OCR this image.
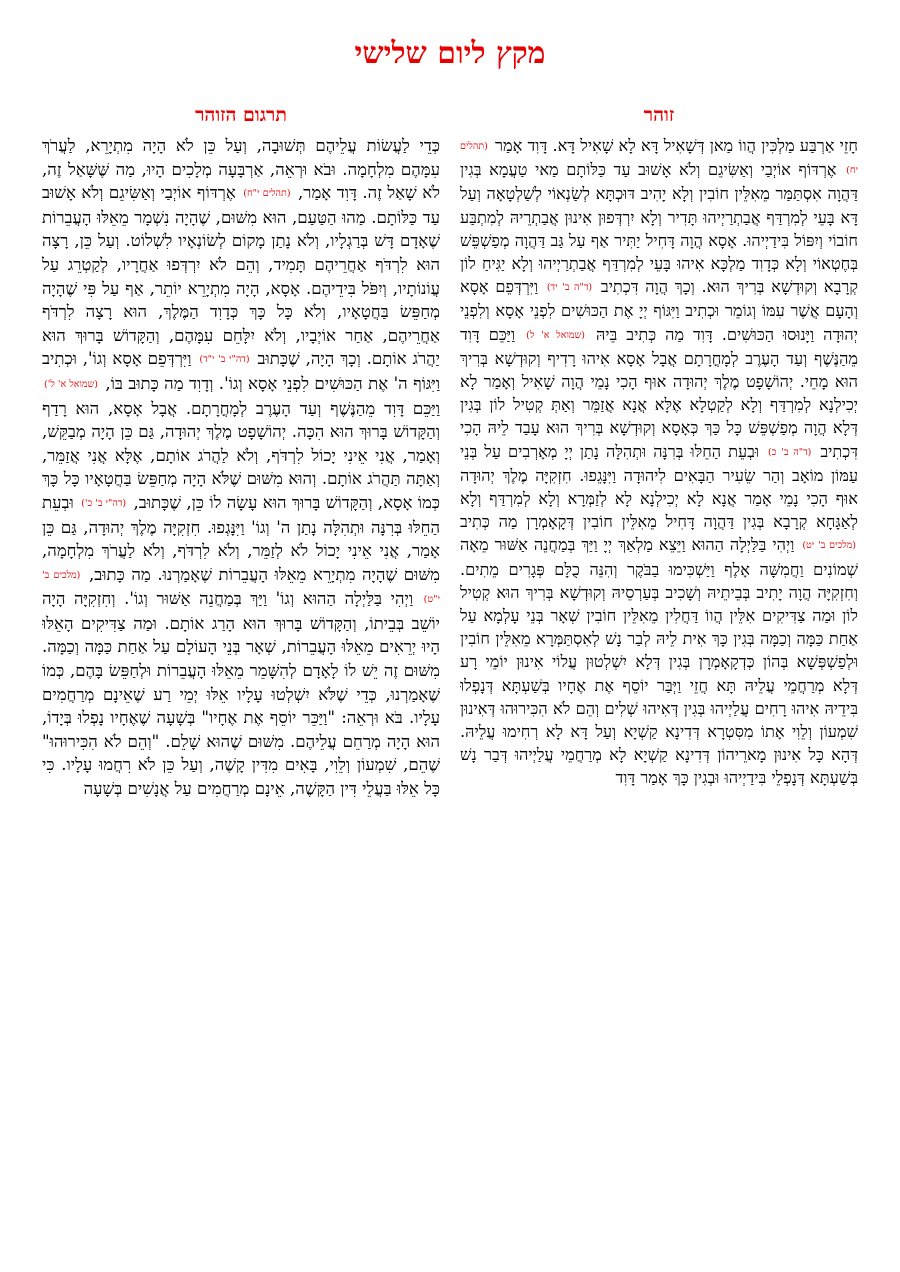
מקץ ליום שלישי
זוהר

חָזֵי אַרְבַּע מַלְכִּין הֲווֹ מַאן דְּשָׁאִיל דָּא לָא שָׁאִיל דָּא. דָּוִד אָמַר (תהלים יח) אֶרְדּוֹף אוֹיְבַי וְאַשִּׂיגֵם וְלֹא אָשׁוּב עַד כַּלּוֹתָם מַאי טַעֲמָא בְּגִין דַּהֲוָה אִסְתַּמַּר מֵאִלֵּין חוֹבִין וְלָא יָהִיב דּוּכְתָּא לְשַׂנְאוֹי לְשַׁלְטָאָה וְעַל דָּא בָּעֵי לְמִרְדַּף אֲבַתְרַיְיהוּ תָּדִיר וְלָא יִרְדְּפוּן אִינוּן אֲבַתְרֵיהּ לְמִתְבַּע חוֹבוֹי וְיִפּוֹל בִּידַיְיהוּ. אָסָא הֲוָה דָּחִיל יַתִּיר אַף עַל גַּב דַּהֲוָה מְפַשְׁפֵּשׁ בְּחֶטְאוֹי וְלָא כְּדָוִד מַלְכָּא אִיהוּ בָּעֵי לְמִרְדַּף אֲבַתְרַיְיהוּ וְלָא יַגִּיחַ לוֹן קְרָבָא וְקוּדְשָׁא בְּרִיךְ הוּא. וְכָךְ הֲוָה דִּכְתִיב (ד"ה ב' יד) וַיִּרְדְּפֵם אָסָא וְהָעָם אֲשֶׁר עִמּוֹ וְגוֹמֵר וּכְתִיב וַיִּגּוֹף יְיָ אֶת הַכּוּשִׁים לִפְנֵי אָסָא וְלִפְנֵי יְהוּדָה וַיָּנוּסוּ הַכּוּשִׁים. דָּוִד מַה כְּתִיב בֵּיהּ (שמואל א' ל) וַיַּכֵּם דָּוִד מֵהַנֶּשֶׁף וְעַד הָעֶרֶב לְמָחֳרָתָם אֲבָל אָסָא אִיהוּ רָדִיף וְקוּדְשָׁא בְּרִיךְ הוּא מָחֵי. יְהוֹשָׁפָט מֶלֶךְ יְהוּדָה אוּף הָכִי נָמֵי הֲוָה שָׁאִיל וְאָמַר לָא יְכִילְנָא לְמִרְדַּף וְלָא לְקַטְלָא אֶלָּא אֲנָא אֲזַמֵּר וְאַתְּ קְטִיל לוֹן בְּגִין דְּלָא הֲוָה מְפַשְׁפֵּשׁ כָּל כַּךְ כְּאָסָא וְקוּדְשָׁא בְּרִיךְ הוּא עָבַד לֵיהּ הָכִי דִּכְתִיב (ד"ה ב' כ) וּבְעֵת הַחֵלּוּ בְּרִנָּה וּתְהִלָּה נָתַן יְיָ מְאָרְבִים עַל בְּנֵי עַמּוֹן מוֹאָב וְהַר שֵׂעִיר הַבָּאִים לִיהוּדָה וַיִּנָּגֵפוּ. חִזְקִיָּה מֶלֶךְ יְהוּדָה אוּף הָכִי נָמֵי אָמַר אֲנָא לָא יְכִילְנָא לָא לְזַמְּרָא וְלָא לְמִרְדַּף וְלָא לְאַגָּחָא קְרָבָא בְּגִין דַּהֲוָה דָּחִיל מֵאִלֵּין חוֹבִין דְּקָאָמְרָן מַה כְּתִיב (מלכים ב' יט) וַיְהִי בַּלַּיְלָה הַהוּא וַיֵּצֵא מַלְאַךְ יְיָ וַיַּךְ בְּמַחֲנֵה אַשּׁוּר מֵאָה שְׁמוֹנִים וַחֲמִשָּׁה אָלֶף וַיַּשְׁכִּימוּ בַבֹּקֶר וְהִנֵּה כֻלָּם פְּגָרִים מֵתִים. וְחִזְקִיָּה הֲוָה יָתִיב בְּבֵיתֵיהּ וְשָׁכִיב בְּעַרְסֵיהּ וְקוּדְשָׁא בְּרִיךְ הוּא קְטִיל לוֹן וּמַה צַדִּיקִים אִלֵּין הֲווֹ דַּחֲלִין מֵאִלֵּין חוֹבִין שְׁאָר בְּנֵי עָלְמָא עַל אַחַת כַּמָּה וְכַמָּה בְּגִין כָּךְ אִית לֵיהּ לְבַר נָשׁ לְאִסְתַּמְּרָא מֵאִלֵּין חוֹבִין וּלְפַשְׁפְּשָׁא בְּהוֹן כְּדְקָאָמְרָן בְּגִין דְּלָא יִשְׁלְטוּן עֲלוֹי אִינוּן יוֹמֵי רָע דְּלָא מְרַחֲמֵי עֲלֵיהּ תָּא חֲזֵי וַיְּבַּר יוֹסֵף אֶת אֶחָיו בְּשַׁעְתָּא דְּנָפְלוּ בִּידֵיהּ אִיהוּ רָחִים עֲלַיְיהוּ בְּגִין דְּאִיהוּ שְׁלִים וְהֵם לֹא הִכִּירוּהוּ דְּאִינוּן שִׁמְעוֹן וְלֵוִי אָתוֹ מִסִּטְרָא דְּדִינָא קַשְׁיָא וְעַל דָּא לָא רְחִימוּ עֲלֵיהּ. דְּהָא כָּל אִינוּן מָארֵיהוֹן דְּדִינָא קַשְׁיָא לָא מְרַחֲמֵי עֲלַיְיהוּ דְּבַר נָשׁ בְּשַׁעְתָּא דְּנָפְלֵי בִּידַיְיהוּ וּבְגִין כָּךְ אָמַר דָּוִד

תרגום הזוהר

כְּדֵי לַעֲשׂוֹת עֲלֵיהֶם תְּשׁוּבָה, וְעַל כֵּן לֹא הָיָה מִתְיָרֵא, לַעֲרֹךְ עִמָּהֶם מִלְחָמָה. וּבֹא וּרְאֵה, אַרְבָּעָה מְלָכִים הָיוּ, מַה שֶּׁשָּׁאַל זֶה, לֹא שָׁאַל זֶה. דָּוִד אָמַר, (תהלים י"ח) אֶרְדּוֹף אוֹיְבַי וְאַשִּׂיגֵם וְלֹא אָשׁוּב עַד כַּלּוֹתָם. מַהוּ הַטַּעַם, הוּא מִשּׁוּם, שֶׁהָיָה נִשְׁמָר מֵאֵלּוּ הָעֲבֵרוֹת שֶׁאָדָם דָּשׁ בְּרַגְלָיו, וְלֹא נָתַן מָקוֹם לְשׂוֹנְאָיו לִשְׁלוֹט. וְעַל כֵּן, רָצָה הוּא לִרְדֹּף אַחֲרֵיהֶם תָּמִיד, וְהֵם לֹא יִרְדְּפוּ אַחֲרָיו, לְקַטְרֵג עַל עֲוֹנוֹתָיו, וְיִפֹּל בִּידֵיהֶם. אָסָא, הָיָה מִתְיָרֵא יוֹתֵר, אַף עַל פִּי שֶׁהָיָה מְחַפֵּשׂ בַּחֲטָאָיו, וְלֹא כָּל כָּךְ כְּדָוִד הַמֶּלֶךְ, הוּא רָצָה לִרְדֹּף אַחֲרֵיהֶם, אַחַר אוֹיְבָיו, וְלֹא יִלָּחֵם עִמָּהֶם, וְהַקָּדוֹשׁ בָּרוּךְ הוּא יַהֲרֹג אוֹתָם. וְכָךְ הָיָה, שֶׁכָּתוּב (דה"י ב' י"ד) וַיִּרְדְּפֵם אָסָא וְגוֹ', וּכְתִיב וַיִּגּוֹף ה' אֶת הַכּוּשִׁים לִפְנֵי אָסָא וְגוֹ'. וְדָוִד מַה כָּתוּב בּוֹ, (שמואל א' ל') וַיַּכֵּם דָּוִד מֵהַנֶּשֶׁף וְעַד הָעֶרֶב לְמָחֳרָתָם. אֲבָל אָסָא, הוּא רָדַף וְהַקָּדוֹשׁ בָּרוּךְ הוּא הִכָּה. יְהוֹשָׁפָט מֶלֶךְ יְהוּדָה, גַּם כֵּן הָיָה מְבַקֵּשׁ, וְאָמַר, אֲנִי אֵינִי יָכוֹל לִרְדֹּף, וְלֹא לַהֲרֹג אוֹתָם, אֶלָּא אֲנִי אֲזַמֵּר, וְאַתָּה תַּהֲרֹג אוֹתָם. וְהוּא מִשּׁוּם שֶׁלֹּא הָיָה מְחַפֵּשׂ בַּחֲטָאָיו כָּל כָּךְ כְּמוֹ אָסָא, וְהַקָּדוֹשׁ בָּרוּךְ הוּא עָשָׂה לוֹ כֵּן, שֶׁכָּתוּב, (דה"י ב' כ') וּבְעֵת הַחֵלּוּ בְּרִנָּה וּתְהִלָּה נָתַן ה' וְגוֹ' וַיִּנָּגְפוּ. חִזְקִיָּה מֶלֶךְ יְהוּדָה, גַּם כֵּן אָמַר, אֲנִי אֵינִי יָכוֹל לֹא לְזַמֵּר, וְלֹא לִרְדֹּף, וְלֹא לַעֲרֹךְ מִלְחָמָה, מִשּׁוּם שֶׁהָיָה מִתְיָרֵא מֵאֵלּוּ הָעֲבֵרוֹת שֶׁאָמַרְנוּ. מַה כָּתוּב, (מלכים ב' י"ט) וַיְהִי בַּלַּיְלָה הַהוּא וְגוֹ' וַיַּךְ בְּמַחֲנֵה אַשּׁוּר וְגוֹ'. וְחִזְקִיָּה הָיָה יוֹשֵׁב בְּבֵיתוֹ, וְהַקָּדוֹשׁ בָּרוּךְ הוּא הָרַג אוֹתָם. וּמַה צַדִּיקִים הָאֵלּוּ הָיוּ יְרֵאִים מֵאֵלּוּ הָעֲבֵרוֹת, שְׁאָר בְּנֵי הָעוֹלָם עַל אַחַת כַּמָּה וְכַמָּה. מִשּׁוּם זֶה יֵשׁ לוֹ לָאָדָם לְהִשָּׁמֵר מֵאֵלּוּ הָעֲבֵרוֹת וּלְחַפֵּשׂ בָּהֶם, כְּמוֹ שֶׁאָמַרְנוּ, כְּדֵי שֶׁלֹּא יִשְׁלְטוּ עָלָיו אֵלּוּ יְמֵי רַע שֶׁאֵינָם מְרַחֲמִים עָלָיו. בֹּא וּרְאֵה: "וַיַּכֵּר יוֹסֵף אֶת אֶחָיו" בְּשָׁעָה שֶׁאֶחָיו נָפְלוּ בְּיָדוֹ, הוּא הָיָה מְרַחֵם עֲלֵיהֶם. מִשּׁוּם שֶׁהוּא שָׁלֵם. "וְהֵם לֹא הִכִּירוּהוּ" שֶׁהֵם, שִׁמְעוֹן וְלֵוִי, בָּאִים מִדִּין קָשֶׁה, וְעַל כֵּן לֹא רִחֲמוּ עָלָיו. כִּי כָּל אֵלּוּ בַּעֲלֵי דִּין הַקָּשֶׁה, אֵינָם מְרַחֲמִים עַל אֲנָשִׁים בְּשָׁעָה
